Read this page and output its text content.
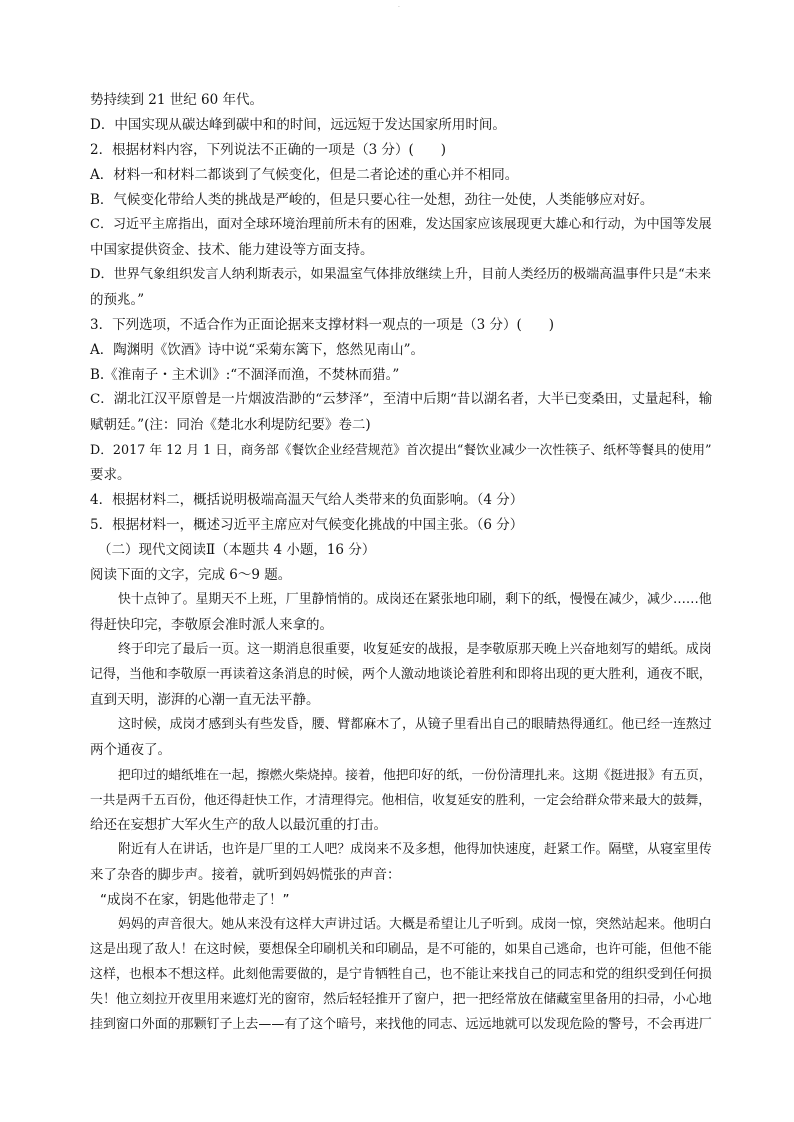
·
势持续到 21 世纪 60 年代。
D．中国实现从碳达峰到碳中和的时间，远远短于发达国家所用时间。
2．根据材料内容，下列说法不正确的一项是（3 分）(　　)
A．材料一和材料二都谈到了气候变化，但是二者论述的重心并不相同。
B．气候变化带给人类的挑战是严峻的，但是只要心往一处想，劲往一处使，人类能够应对好。
C．习近平主席指出，面对全球环境治理前所未有的困难，发达国家应该展现更大雄心和行动，为中国等发展
中国家提供资金、技术、能力建设等方面支持。
D．世界气象组织发言人纳利斯表示，如果温室气体排放继续上升，目前人类经历的极端高温事件只是“未来
的预兆。”
3．下列选项，不适合作为正面论据来支撑材料一观点的一项是（3 分）(　　)
A．陶渊明《饮酒》诗中说“采菊东篱下，悠然见南山”。
B.《淮南子・主术训》:“不涸泽而渔，不焚林而猎。”
C．湖北江汉平原曾是一片烟波浩渺的“云梦泽”，至清中后期“昔以湖名者，大半已变桑田，丈量起科，输
赋朝廷。”(注：同治《楚北水利堤防纪要》卷二)
D．2017 年 12 月 1 日，商务部《餐饮企业经营规范》首次提出“餐饮业减少一次性筷子、纸杯等餐具的使用”
要求。
4．根据材料二，概括说明极端高温天气给人类带来的负面影响。（4 分）
5．根据材料一，概述习近平主席应对气候变化挑战的中国主张。（6 分）
（二）现代文阅读Ⅱ（本题共 4 小题，16 分）
阅读下面的文字，完成 6～9 题。
快十点钟了。星期天不上班，厂里静悄悄的。成岗还在紧张地印刷，剩下的纸，慢慢在减少，减少……他
得赶快印完，李敬原会准时派人来拿的。
终于印完了最后一页。这一期消息很重要，收复延安的战报，是李敬原那天晚上兴奋地刻写的蜡纸。成岗
记得，当他和李敬原一再读着这条消息的时候，两个人激动地谈论着胜利和即将出现的更大胜利，通夜不眠，
直到天明，澎湃的心潮一直无法平静。
这时候，成岗才感到头有些发昏，腰、臂都麻木了，从镜子里看出自己的眼睛热得通红。他已经一连熬过
两个通夜了。
把印过的蜡纸堆在一起，擦燃火柴烧掉。接着，他把印好的纸，一份份清理扎来。这期《挺进报》有五页，
一共是两千五百份，他还得赶快工作，才清理得完。他相信，收复延安的胜利，一定会给群众带来最大的鼓舞，
给还在妄想扩大军火生产的敌人以最沉重的打击。
附近有人在讲话，也许是厂里的工人吧？成岗来不及多想，他得加快速度，赶紧工作。隔壁，从寝室里传
来了杂沓的脚步声。接着，就听到妈妈慌张的声音：
“成岗不在家，钥匙他带走了！”
妈妈的声音很大。她从来没有这样大声讲过话。大概是希望让儿子听到。成岗一惊，突然站起来。他明白
这是出现了敌人！在这时候，要想保全印刷机关和印刷品，是不可能的，如果自己逃命，也许可能，但他不能
这样，也根本不想这样。此刻他需要做的，是宁肯牺牲自己，也不能让来找自己的同志和党的组织受到任何损
失！他立刻拉开夜里用来遮灯光的窗帘，然后轻轻推开了窗户，把一把经常放在储藏室里备用的扫帚，小心地
挂到窗口外面的那颗钉子上去——有了这个暗号，来找他的同志、远远地就可以发现危险的警号，不会再进厂
